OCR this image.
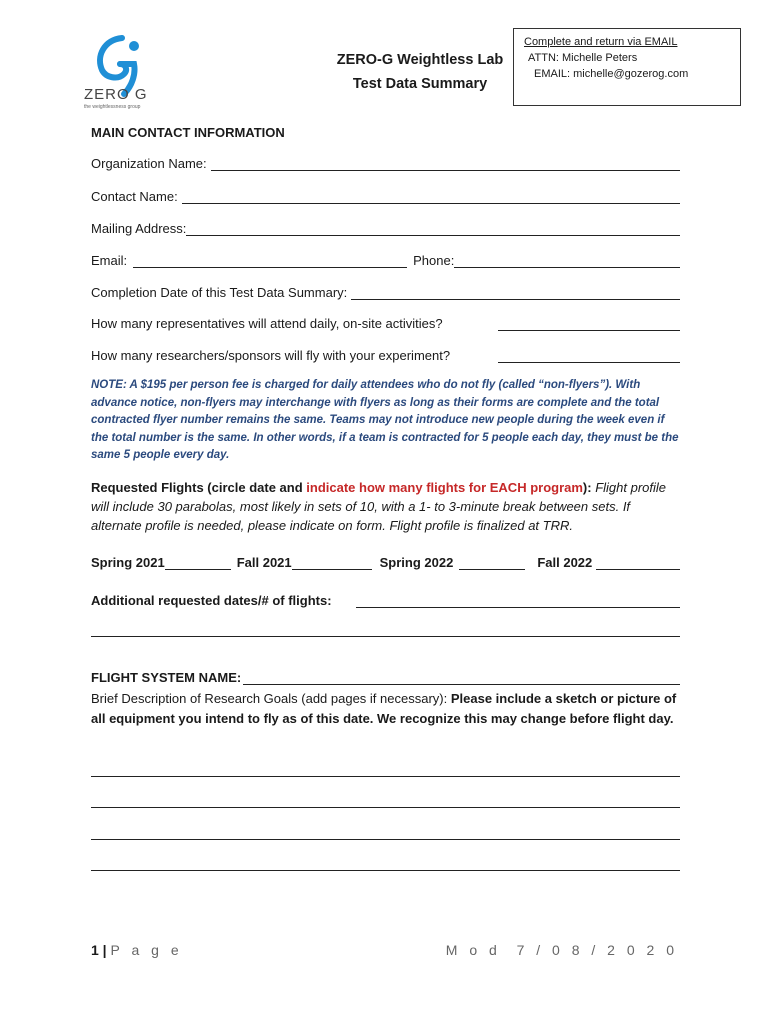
ZERO G
the weightlessness group
ZERO-G Weightless Lab
Test Data Summary
Complete and return via EMAIL
ATTN: Michelle Peters
EMAIL: michelle@gozerog.com
MAIN CONTACT INFORMATION
Organization Name:
Contact Name:
Mailing Address:
Email:	Phone:
Completion Date of this Test Data Summary:
How many representatives will attend daily, on-site activities?
How many researchers/sponsors will fly with your experiment?
NOTE: A $195 per person fee is charged for daily attendees who do not fly (called “non-flyers”). With advance notice, non-flyers may interchange with flyers as long as their forms are complete and the total contracted flyer number remains the same. Teams may not introduce new people during the week even if the total number is the same. In other words, if a team is contracted for 5 people each day, they must be the same 5 people every day.
Requested Flights (circle date and indicate how many flights for EACH program): Flight profile will include 30 parabolas, most likely in sets of 10, with a 1- to 3-minute break between sets. If alternate profile is needed, please indicate on form. Flight profile is finalized at TRR.
Spring 2021	Fall 2021	Spring 2022	Fall 2022
Additional requested dates/# of flights:
FLIGHT SYSTEM NAME:
Brief Description of Research Goals (add pages if necessary): Please include a sketch or picture of all equipment you intend to fly as of this date. We recognize this may change before flight day.
1 | P a g e	M o d  7 / 0 8 / 2 0 2 0
